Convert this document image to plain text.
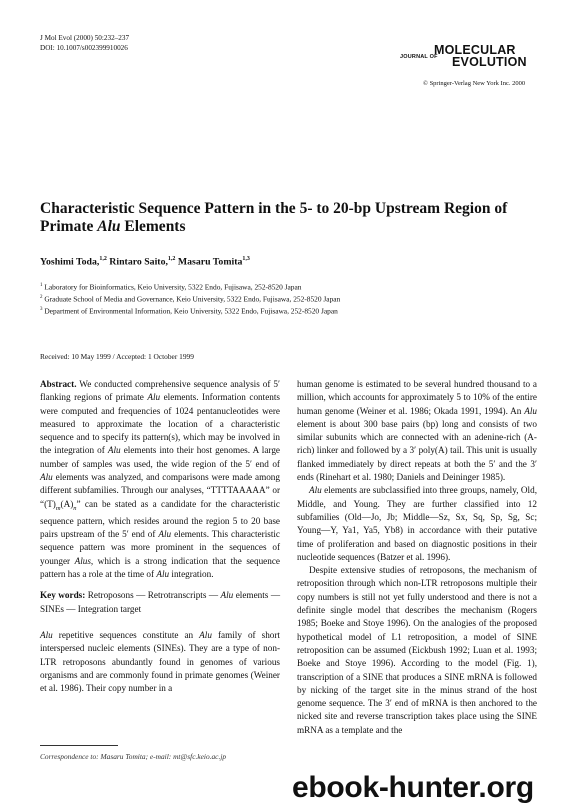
J Mol Evol (2000) 50:232–237
DOI: 10.1007/s002399910026
JOURNAL OF
MOLECULAR
EVOLUTION
© Springer-Verlag New York Inc. 2000
Characteristic Sequence Pattern in the 5- to 20-bp Upstream Region of
Primate Alu Elements
Yoshimi Toda,$^{1,2}$ Rintaro Saito,$^{1,2}$ Masaru Tomita$^{1,3}$
$^1$ Laboratory for Bioinformatics, Keio University, 5322 Endo, Fujisawa, 252-8520 Japan
$^2$ Graduate School of Media and Governance, Keio University, 5322 Endo, Fujisawa, 252-8520 Japan
$^3$ Department of Environmental Information, Keio University, 5322 Endo, Fujisawa, 252-8520 Japan
Received: 10 May 1999 / Accepted: 1 October 1999

Abstract. We conducted comprehensive sequence analysis of 5′ flanking regions of primate Alu elements. Information contents were computed and frequencies of 1024 pentanucleotides were measured to approximate the location of a characteristic sequence and to specify its pattern(s), which may be involved in the integration of Alu elements into their host genomes. A large number of samples was used, the wide region of the 5′ end of Alu elements was analyzed, and comparisons were made among different subfamilies. Through our analyses, “TTTTAAAAA” or “$(T)_m(A)_n$” can be stated as a candidate for the characteristic sequence pattern, which resides around the region 5 to 20 base pairs upstream of the 5′ end of Alu elements. This characteristic sequence pattern was more prominent in the sequences of younger Alus, which is a strong indication that the sequence pattern has a role at the time of Alu integration.

Key words: Retroposons — Retrotranscripts — Alu elements — SINEs — Integration target

Alu repetitive sequences constitute an Alu family of short interspersed nucleic elements (SINEs). They are a type of non-LTR retroposons abundantly found in genomes of various organisms and are commonly found in primate genomes (Weiner et al. 1986). Their copy number in a

human genome is estimated to be several hundred thousand to a million, which accounts for approximately 5 to 10% of the entire human genome (Weiner et al. 1986; Okada 1991, 1994). An Alu element is about 300 base pairs (bp) long and consists of two similar subunits which are connected with an adenine-rich (A-rich) linker and followed by a 3′ poly(A) tail. This unit is usually flanked immediately by direct repeats at both the 5′ and the 3′ ends (Rinehart et al. 1980; Daniels and Deininger 1985).

Alu elements are subclassified into three groups, namely, Old, Middle, and Young. They are further classified into 12 subfamilies (Old—Jo, Jb; Middle—Sz, Sx, Sq, Sp, Sg, Sc; Young—Y, Ya1, Ya5, Yb8) in accordance with their putative time of proliferation and based on diagnostic positions in their nucleotide sequences (Batzer et al. 1996).

Despite extensive studies of retroposons, the mechanism of retroposition through which non-LTR retroposons multiple their copy numbers is still not yet fully understood and there is not a definite single model that describes the mechanism (Rogers 1985; Boeke and Stoye 1996). On the analogies of the proposed hypothetical model of L1 retroposition, a model of SINE retroposition can be assumed (Eickbush 1992; Luan et al. 1993; Boeke and Stoye 1996). According to the model (Fig. 1), transcription of a SINE that produces a SINE mRNA is followed by nicking of the target site in the minus strand of the host genome sequence. The 3′ end of mRNA is then anchored to the nicked site and reverse transcription takes place using the SINE mRNA as a template and the

Correspondence to: Masaru Tomita; e-mail: mt@sfc.keio.ac.jp
ebook-hunter.org
